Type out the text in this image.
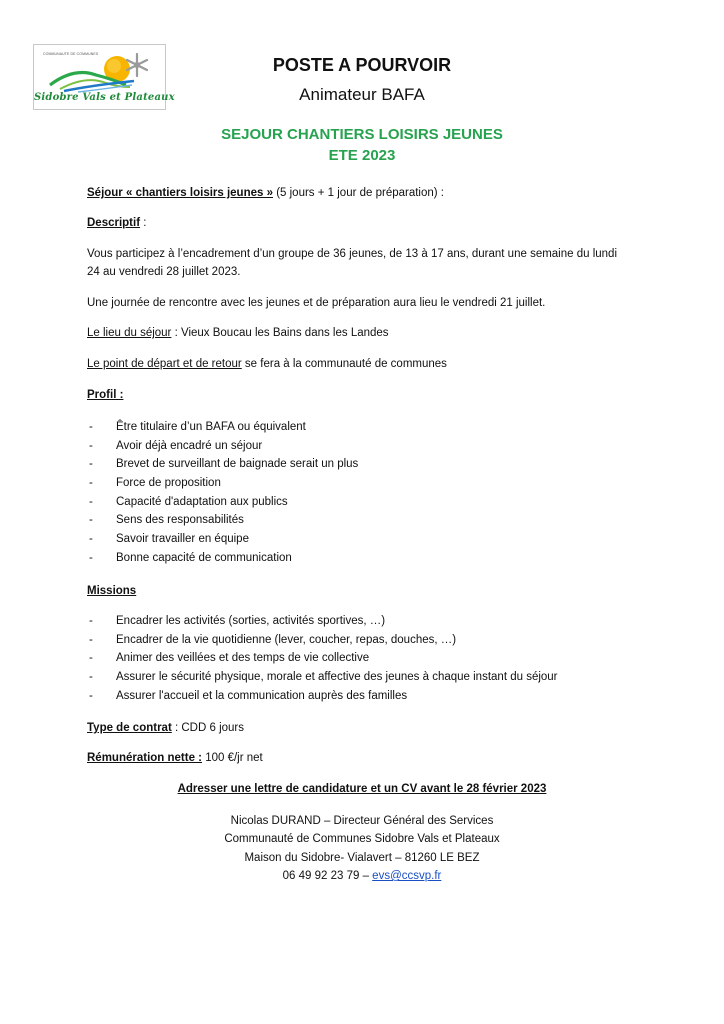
COMMUNAUTE DE COMMUNES
Sidobre Vals et Plateaux
POSTE A POURVOIR
Animateur BAFA
SEJOUR CHANTIERS LOISIRS JEUNES
ETE 2023
Séjour « chantiers loisirs jeunes » (5 jours + 1 jour de préparation) :
Descriptif :
Vous participez à l’encadrement d’un groupe de 36 jeunes, de 13 à 17 ans, durant une semaine du lundi
24 au vendredi 28 juillet 2023.
Une journée de rencontre avec les jeunes et de préparation aura lieu le vendredi 21 juillet.
Le lieu du séjour : Vieux Boucau les Bains dans les Landes
Le point de départ et de retour se fera à la communauté de communes
Profil :
- Être titulaire d’un BAFA ou équivalent
- Avoir déjà encadré un séjour
- Brevet de surveillant de baignade serait un plus
- Force de proposition
- Capacité d'adaptation aux publics
- Sens des responsabilités
- Savoir travailler en équipe
- Bonne capacité de communication
Missions
- Encadrer les activités (sorties, activités sportives, …)
- Encadrer de la vie quotidienne (lever, coucher, repas, douches, …)
- Animer des veillées et des temps de vie collective
- Assurer le sécurité physique, morale et affective des jeunes à chaque instant du séjour
- Assurer l'accueil et la communication auprès des familles
Type de contrat : CDD 6 jours
Rémunération nette : 100 €/jr net
Adresser une lettre de candidature et un CV avant le 28 février 2023
Nicolas DURAND – Directeur Général des Services
Communauté de Communes Sidobre Vals et Plateaux
Maison du Sidobre- Vialavert – 81260 LE BEZ
06 49 92 23 79 – evs@ccsvp.fr
